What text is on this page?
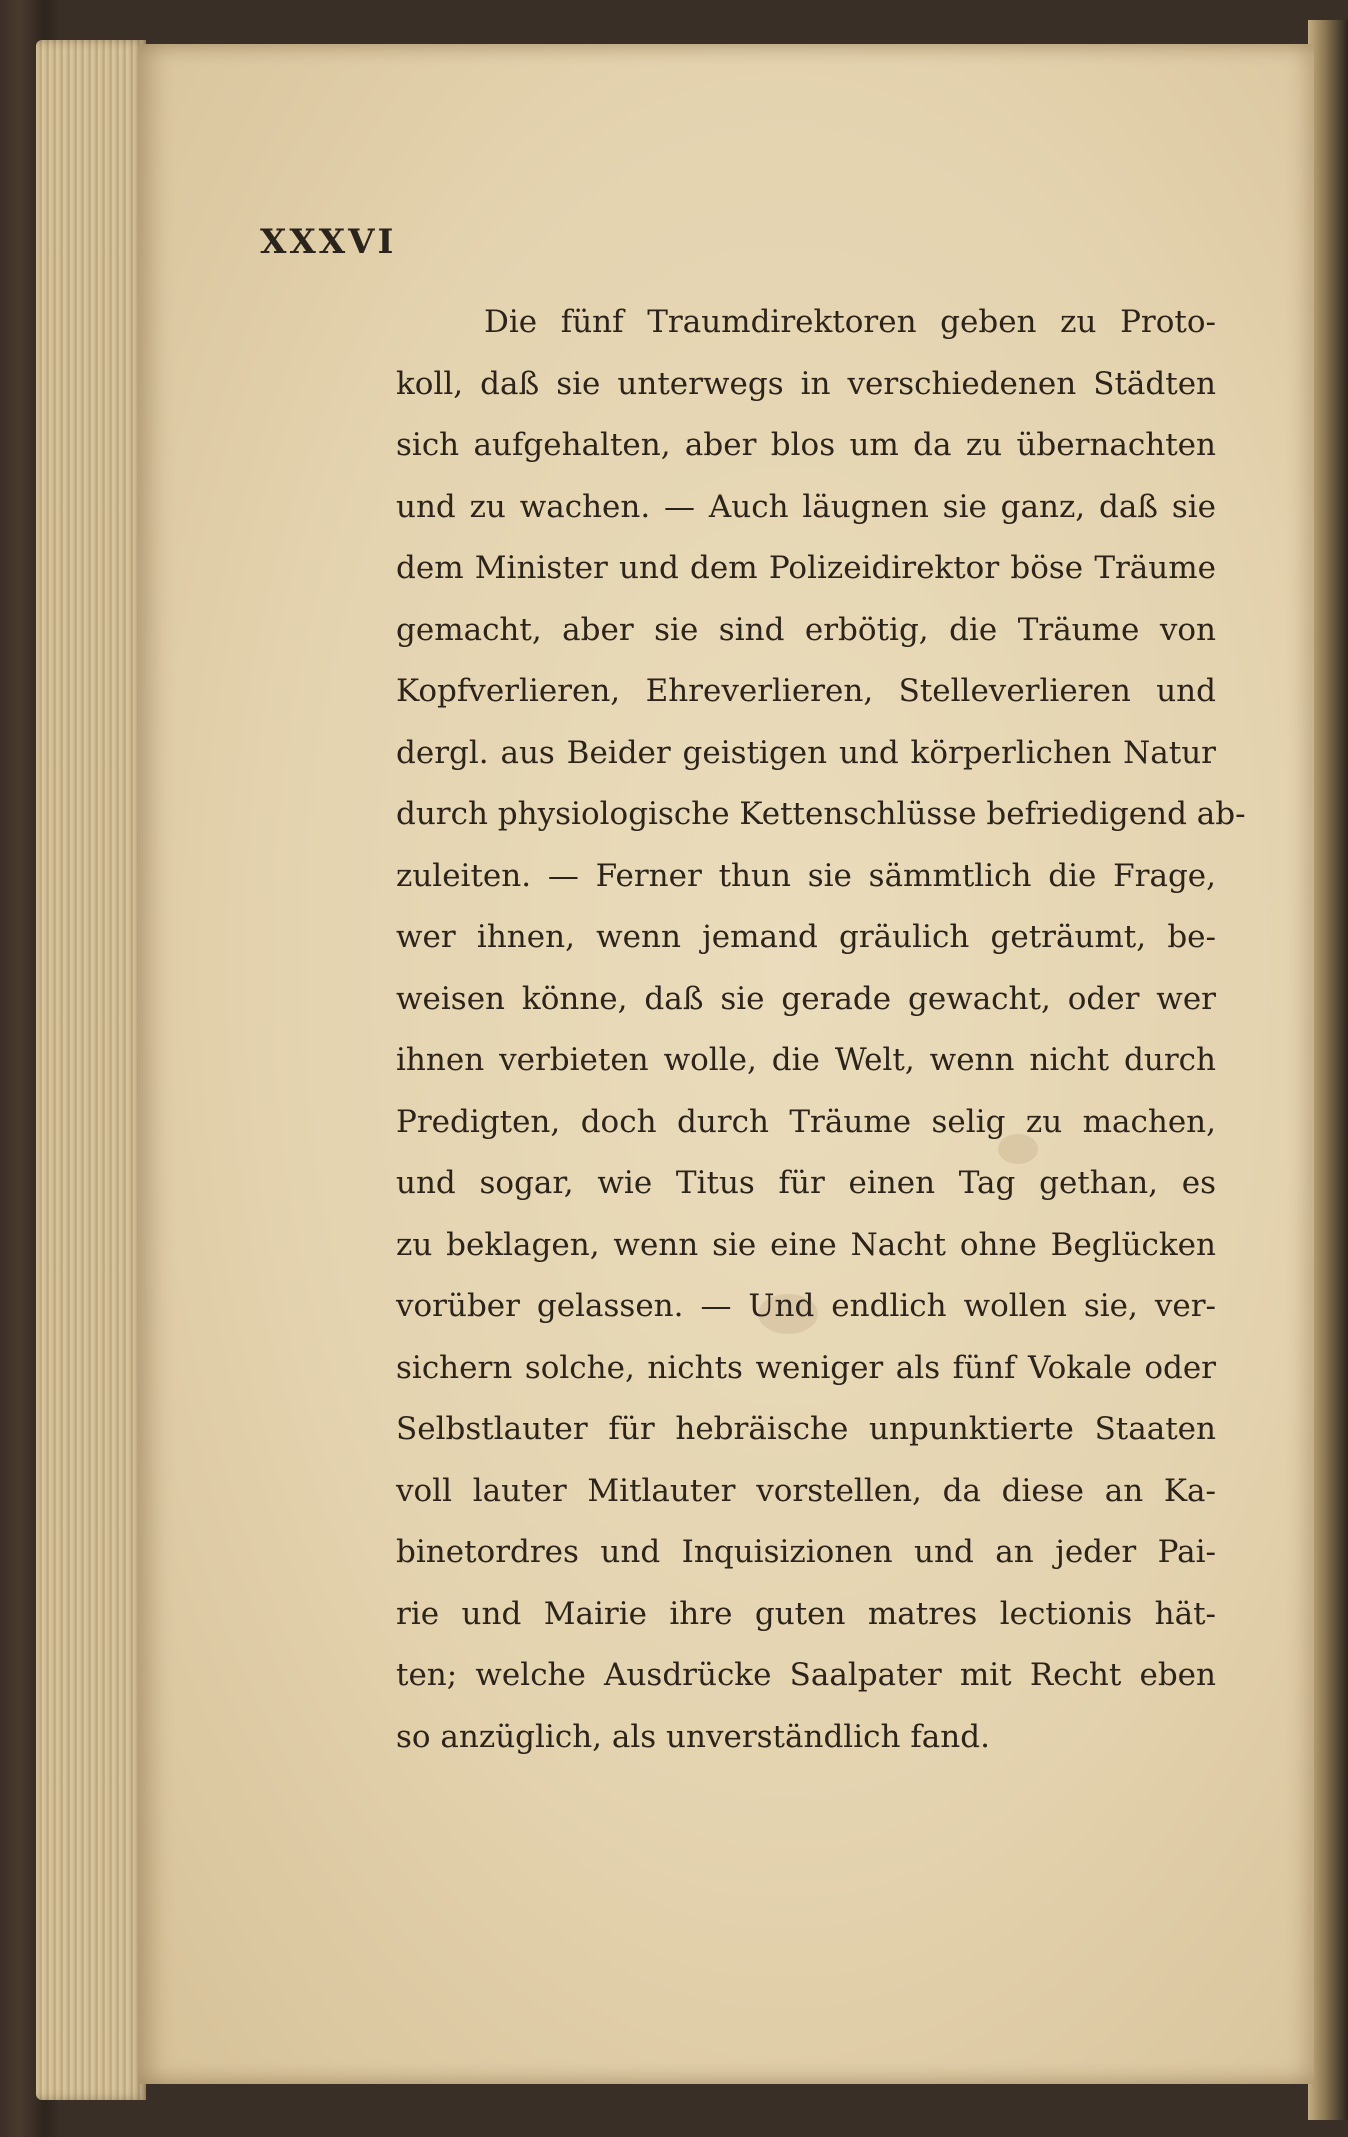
XXXVI
Die fünf Traumdirektoren geben zu Proto-
koll, daß sie unterwegs in verschiedenen Städten
sich aufgehalten, aber blos um da zu übernachten
und zu wachen. — Auch läugnen sie ganz, daß sie
dem Minister und dem Polizeidirektor böse Träume
gemacht, aber sie sind erbötig, die Träume von
Kopfverlieren, Ehreverlieren, Stelleverlieren und
dergl. aus Beider geistigen und körperlichen Natur
durch physiologische Kettenschlüsse befriedigend ab-
zuleiten. — Ferner thun sie sämmtlich die Frage,
wer ihnen, wenn jemand gräulich geträumt, be-
weisen könne, daß sie gerade gewacht, oder wer
ihnen verbieten wolle, die Welt, wenn nicht durch
Predigten, doch durch Träume selig zu machen,
und sogar, wie Titus für einen Tag gethan, es
zu beklagen, wenn sie eine Nacht ohne Beglücken
vorüber gelassen. — Und endlich wollen sie, ver-
sichern solche, nichts weniger als fünf Vokale oder
Selbstlauter für hebräische unpunktierte Staaten
voll lauter Mitlauter vorstellen, da diese an Ka-
binetordres und Inquisizionen und an jeder Pai-
rie und Mairie ihre guten matres lectionis hät-
ten; welche Ausdrücke Saalpater mit Recht eben
so anzüglich, als unverständlich fand.
